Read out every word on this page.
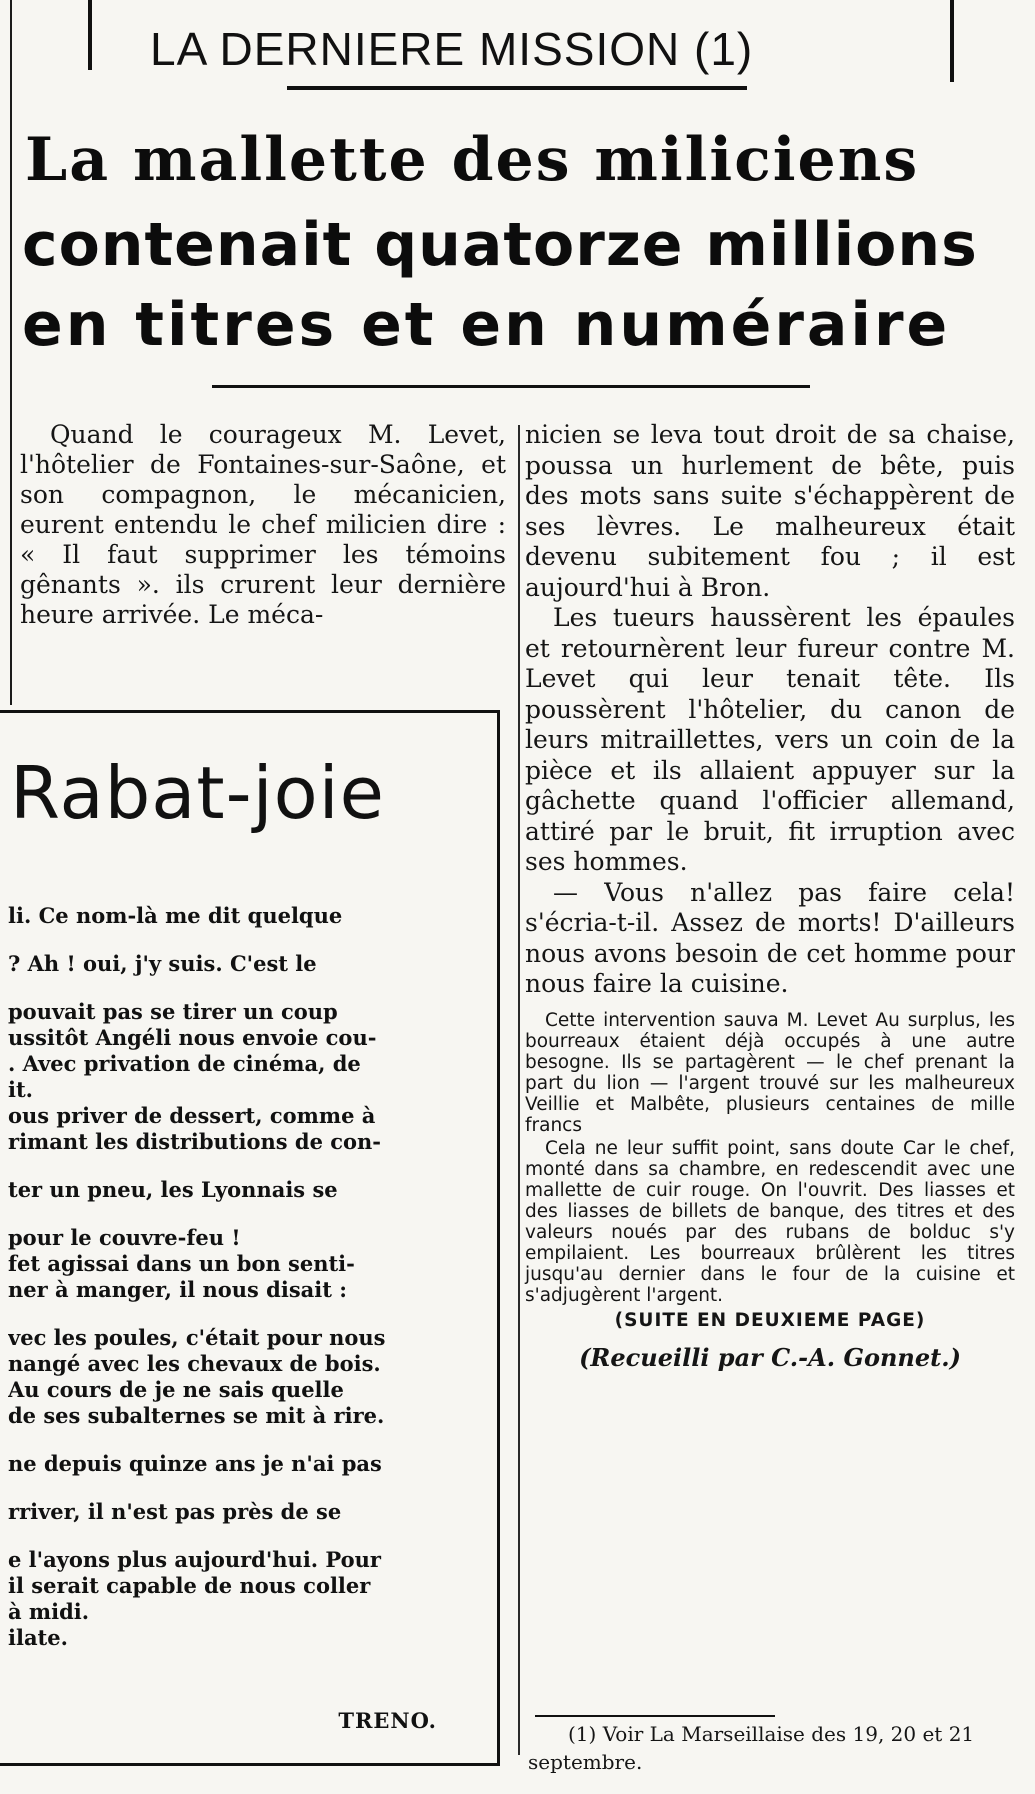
LA DERNIERE MISSION (1)
La mallette des miliciens
contenait quatorze millions
en titres et en numéraire

Quand le courageux M. Levet, l'hôtelier de Fontaines-sur-Saône, et son compagnon, le mécanicien, eurent entendu le chef milicien dire : « Il faut supprimer les témoins gênants ». ils crurent leur dernière heure arrivée. Le méca-

nicien se leva tout droit de sa chaise, poussa un hurlement de bête, puis des mots sans suite s'échappèrent de ses lèvres. Le malheureux était devenu subitement fou ; il est aujourd'hui à Bron.

Les tueurs haussèrent les épaules et retournèrent leur fureur contre M. Levet qui leur tenait tête. Ils poussèrent l'hôtelier, du canon de leurs mitraillettes, vers un coin de la pièce et ils allaient appuyer sur la gâchette quand l'officier allemand, attiré par le bruit, fit irruption avec ses hommes.

— Vous n'allez pas faire cela! s'écria-t-il. Assez de morts! D'ailleurs nous avons besoin de cet homme pour nous faire la cuisine.

Cette intervention sauva M. Levet Au surplus, les bourreaux étaient déjà occupés à une autre besogne. Ils se partagèrent — le chef prenant la part du lion — l'argent trouvé sur les malheureux Veillie et Malbête, plusieurs centaines de mille francs

Cela ne leur suffit point, sans doute Car le chef, monté dans sa chambre, en redescendit avec une mallette de cuir rouge. On l'ouvrit. Des liasses et des liasses de billets de banque, des titres et des valeurs noués par des rubans de bolduc s'y empilaient. Les bourreaux brûlèrent les titres jusqu'au dernier dans le four de la cuisine et s'adjugèrent l'argent.

(SUITE EN DEUXIEME PAGE)
(Recueilli par C.-A. Gonnet.)
(1) Voir La Marseillaise des 19, 20 et 21 septembre.
Rabat-joie
li. Ce nom-là me dit quelque
? Ah ! oui, j'y suis. C'est le
pouvait pas se tirer un coup
ussitôt Angéli nous envoie cou-
. Avec privation de cinéma, de
it.
ous priver de dessert, comme à
rimant les distributions de con-
ter un pneu, les Lyonnais se
pour le couvre-feu !
fet agissai dans un bon senti-
ner à manger, il nous disait :
vec les poules, c'était pour nous
nangé avec les chevaux de bois.
Au cours de je ne sais quelle
de ses subalternes se mit à rire.
ne depuis quinze ans je n'ai pas
rriver, il n'est pas près de se
e l'ayons plus aujourd'hui. Pour
il serait capable de nous coller
à midi.
ilate.
TRENO.
